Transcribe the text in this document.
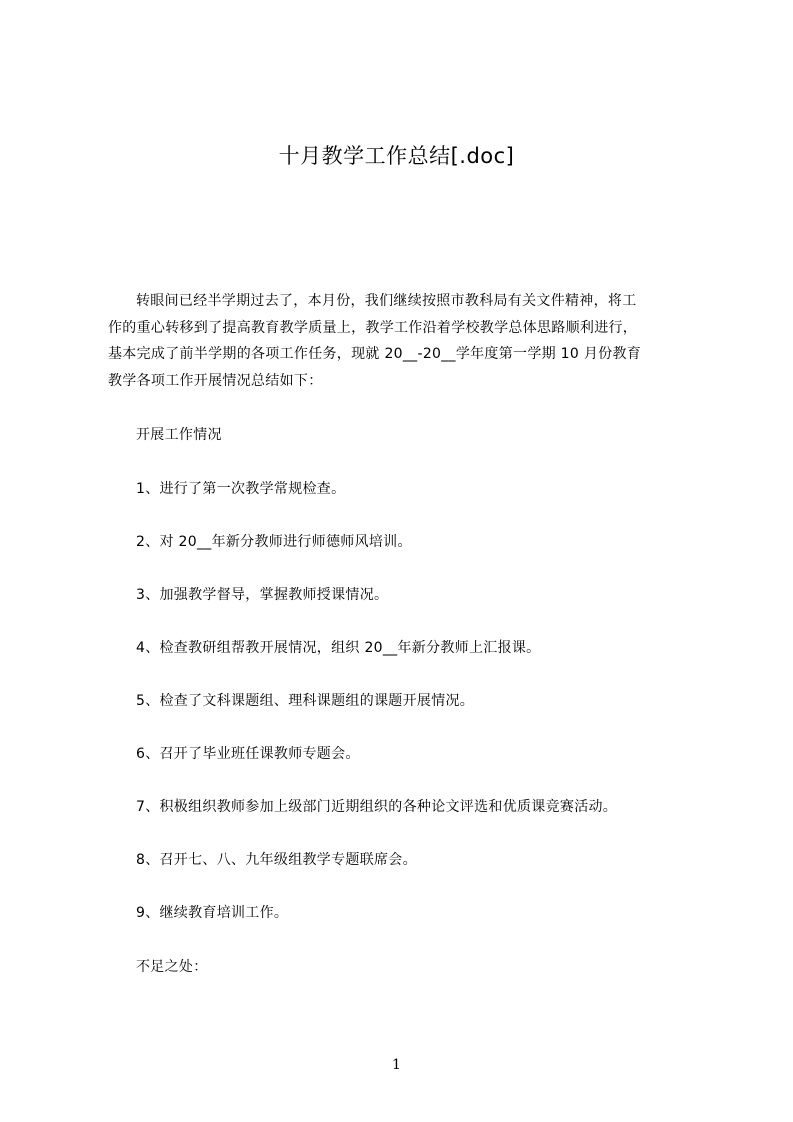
十月教学工作总结[.doc]
转眼间已经半学期过去了，本月份，我们继续按照市教科局有关文件精神，将工
作的重心转移到了提高教育教学质量上，教学工作沿着学校教学总体思路顺利进行，
基本完成了前半学期的各项工作任务，现就 20__-20__学年度第一学期 10 月份教育
教学各项工作开展情况总结如下：
开展工作情况
1、进行了第一次教学常规检查。
2、对 20__年新分教师进行师德师风培训。
3、加强教学督导，掌握教师授课情况。
4、检查教研组帮教开展情况，组织 20__年新分教师上汇报课。
5、检查了文科课题组、理科课题组的课题开展情况。
6、召开了毕业班任课教师专题会。
7、积极组织教师参加上级部门近期组织的各种论文评选和优质课竞赛活动。
8、召开七、八、九年级组教学专题联席会。
9、继续教育培训工作。
不足之处：
1
